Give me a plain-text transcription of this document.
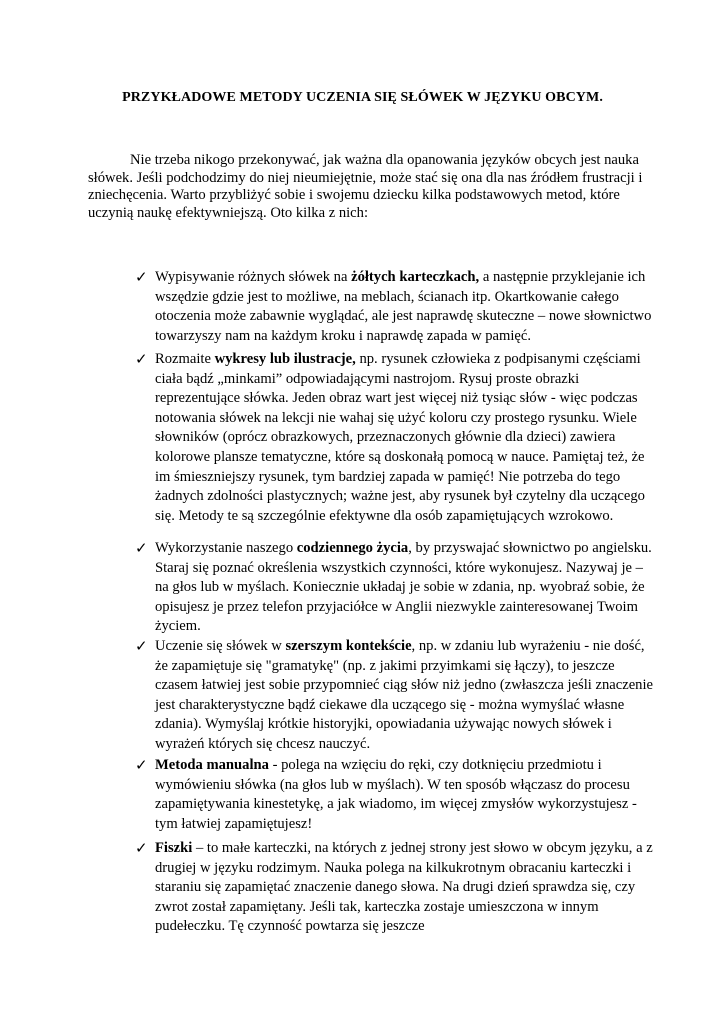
PRZYKŁADOWE METODY UCZENIA SIĘ SŁÓWEK W JĘZYKU OBCYM.

Nie trzeba nikogo przekonywać, jak ważna dla opanowania języków obcych jest nauka słówek. Jeśli podchodzimy do niej nieumiejętnie, może stać się ona dla nas źródłem frustracji i zniechęcenia. Warto przybliżyć sobie i swojemu dziecku kilka podstawowych metod, które uczynią naukę efektywniejszą. Oto kilka z nich:

✓ Wypisywanie różnych słówek na żółtych karteczkach, a następnie przyklejanie ich wszędzie gdzie jest to możliwe, na meblach, ścianach itp. Okartkowanie całego otoczenia może zabawnie wyglądać, ale jest naprawdę skuteczne – nowe słownictwo towarzyszy nam na każdym kroku i naprawdę zapada w pamięć.

✓ Rozmaite wykresy lub ilustracje, np. rysunek człowieka z podpisanymi częściami ciała bądź „minkami” odpowiadającymi nastrojom. Rysuj proste obrazki reprezentujące słówka. Jeden obraz wart jest więcej niż tysiąc słów - więc podczas notowania słówek na lekcji nie wahaj się użyć koloru czy prostego rysunku. Wiele słowników (oprócz obrazkowych, przeznaczonych głównie dla dzieci) zawiera kolorowe plansze tematyczne, które są doskonałą pomocą w nauce. Pamiętaj też, że im śmieszniejszy rysunek, tym bardziej zapada w pamięć! Nie potrzeba do tego żadnych zdolności plastycznych; ważne jest, aby rysunek był czytelny dla uczącego się. Metody te są szczególnie efektywne dla osób zapamiętujących wzrokowo.

✓ Wykorzystanie naszego codziennego życia, by przyswajać słownictwo po angielsku. Staraj się poznać określenia wszystkich czynności, które wykonujesz. Nazywaj je – na głos lub w myślach. Koniecznie układaj je sobie w zdania, np. wyobraź sobie, że opisujesz je przez telefon przyjaciółce w Anglii niezwykle zainteresowanej Twoim życiem.

✓ Uczenie się słówek w szerszym kontekście, np. w zdaniu lub wyrażeniu - nie dość, że zapamiętuje się "gramatykę" (np. z jakimi przyimkami się łączy), to jeszcze czasem łatwiej jest sobie przypomnieć ciąg słów niż jedno (zwłaszcza jeśli znaczenie jest charakterystyczne bądź ciekawe dla uczącego się - można wymyślać własne zdania). Wymyślaj krótkie historyjki, opowiadania używając nowych słówek i wyrażeń których się chcesz nauczyć.

✓ Metoda manualna - polega na wzięciu do ręki, czy dotknięciu przedmiotu i wymówieniu słówka (na głos lub w myślach). W ten sposób włączasz do procesu zapamiętywania kinestetykę, a jak wiadomo, im więcej zmysłów wykorzystujesz - tym łatwiej zapamiętujesz!

✓ Fiszki – to małe karteczki, na których z jednej strony jest słowo w obcym języku, a z drugiej w języku rodzimym. Nauka polega na kilkukrotnym obracaniu karteczki i staraniu się zapamiętać znaczenie danego słowa. Na drugi dzień sprawdza się, czy zwrot został zapamiętany. Jeśli tak, karteczka zostaje umieszczona w innym pudełeczku. Tę czynność powtarza się jeszcze
